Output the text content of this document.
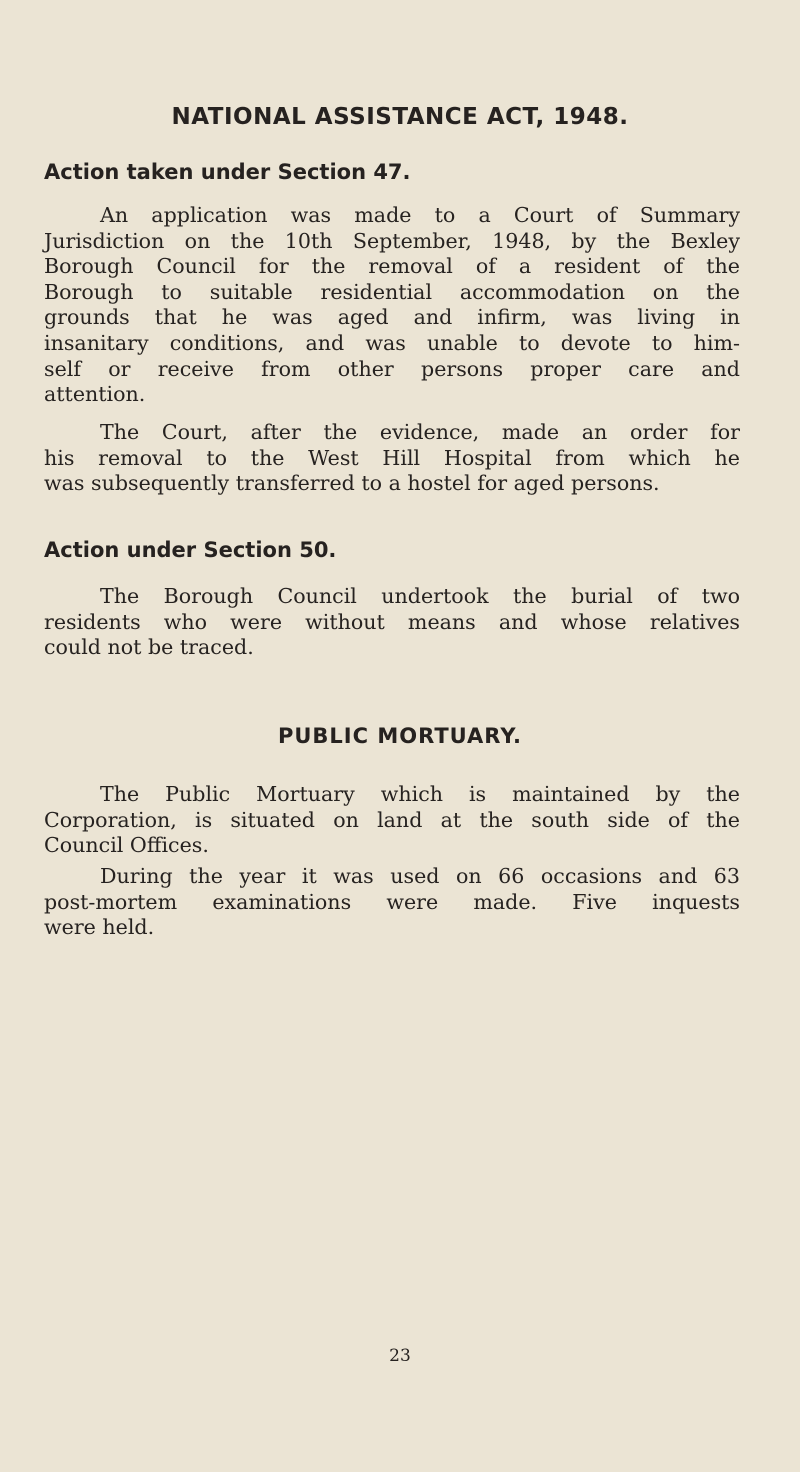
NATIONAL ASSISTANCE ACT, 1948.
Action taken under Section 47.

An application was made to a Court of Summary
Jurisdiction on the 10th September, 1948, by the Bexley
Borough Council for the removal of a resident of the
Borough to suitable residential accommodation on the
grounds that he was aged and infirm, was living in
insanitary conditions, and was unable to devote to him-
self or receive from other persons proper care and
attention.

The Court, after the evidence, made an order for
his removal to the West Hill Hospital from which he
was subsequently transferred to a hostel for aged persons.

Action under Section 50.

The Borough Council undertook the burial of two
residents who were without means and whose relatives
could not be traced.

PUBLIC MORTUARY.

The Public Mortuary which is maintained by the
Corporation, is situated on land at the south side of the
Council Offices.

During the year it was used on 66 occasions and 63
post-mortem examinations were made. Five inquests
were held.

23
